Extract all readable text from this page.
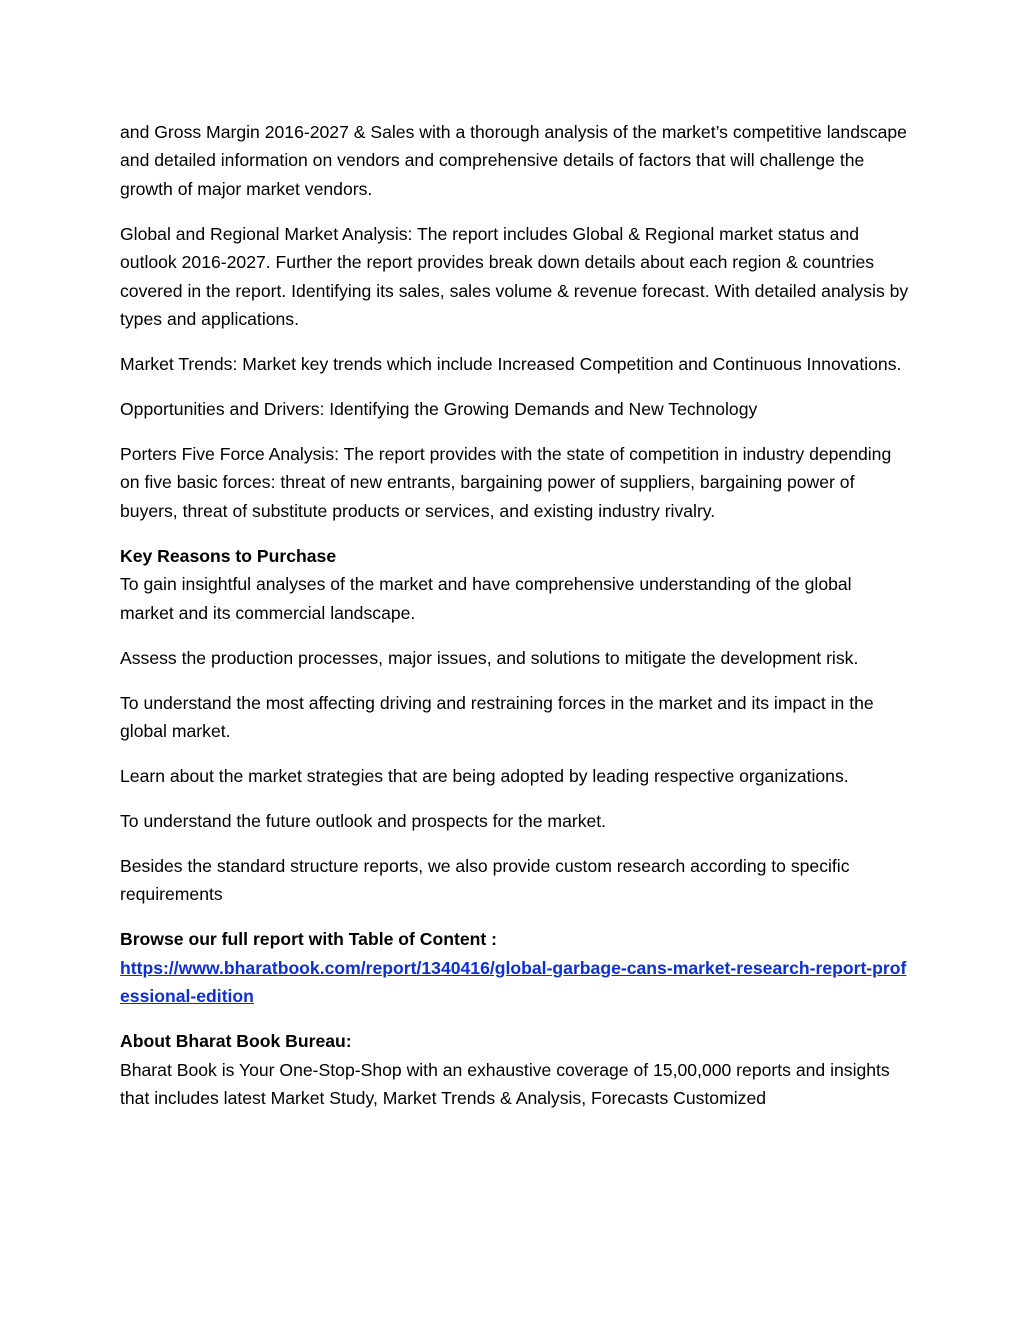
and Gross Margin 2016-2027 & Sales with a thorough analysis of the market’s competitive landscape and detailed information on vendors and comprehensive details of factors that will challenge the growth of major market vendors.

Global and Regional Market Analysis: The report includes Global & Regional market status and outlook 2016-2027. Further the report provides break down details about each region & countries covered in the report. Identifying its sales, sales volume & revenue forecast. With detailed analysis by types and applications.

Market Trends: Market key trends which include Increased Competition and Continuous Innovations.

Opportunities and Drivers: Identifying the Growing Demands and New Technology

Porters Five Force Analysis: The report provides with the state of competition in industry depending on five basic forces: threat of new entrants, bargaining power of suppliers, bargaining power of buyers, threat of substitute products or services, and existing industry rivalry.

Key Reasons to Purchase
To gain insightful analyses of the market and have comprehensive understanding of the global market and its commercial landscape.

Assess the production processes, major issues, and solutions to mitigate the development risk.

To understand the most affecting driving and restraining forces in the market and its impact in the global market.

Learn about the market strategies that are being adopted by leading respective organizations.

To understand the future outlook and prospects for the market.

Besides the standard structure reports, we also provide custom research according to specific requirements

Browse our full report with Table of Content :
https://www.bharatbook.com/report/1340416/global-garbage-cans-market-research-report-professional-edition

About Bharat Book Bureau:
Bharat Book is Your One-Stop-Shop with an exhaustive coverage of 15,00,000 reports and insights that includes latest Market Study, Market Trends & Analysis, Forecasts Customized
